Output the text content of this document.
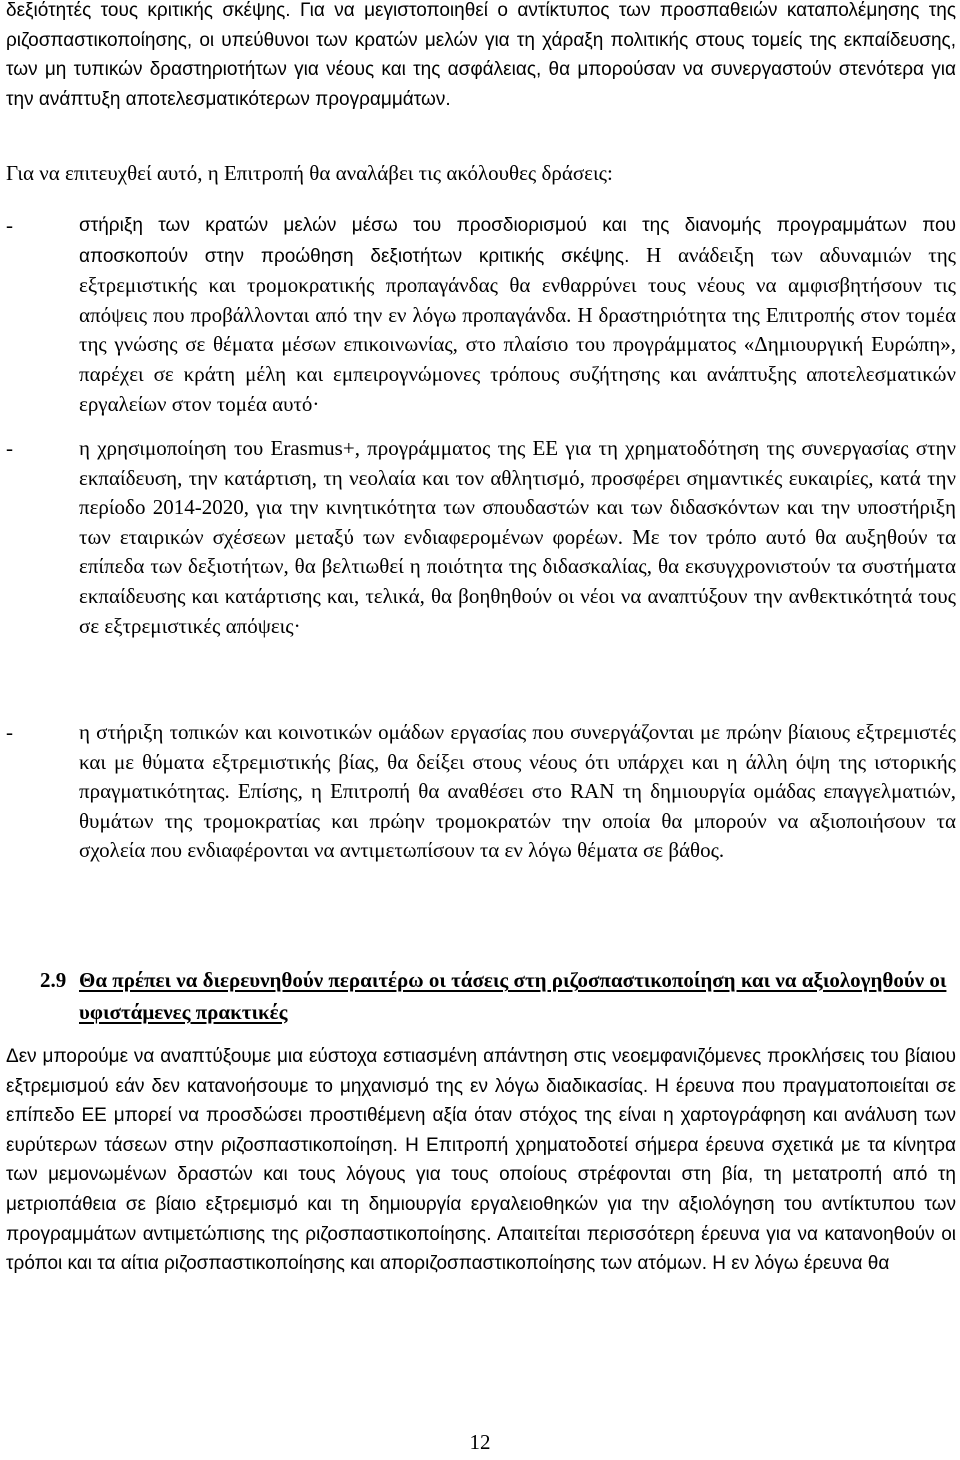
δεξιότητές τους κριτικής σκέψης. Για να μεγιστοποιηθεί ο αντίκτυπος των προσπαθειών καταπολέμησης της ριζοσπαστικοποίησης, οι υπεύθυνοι των κρατών μελών για τη χάραξη πολιτικής στους τομείς της εκπαίδευσης, των μη τυπικών δραστηριοτήτων για νέους και της ασφάλειας, θα μπορούσαν να συνεργαστούν στενότερα για την ανάπτυξη αποτελεσματικότερων προγραμμάτων.

Για να επιτευχθεί αυτό, η Επιτροπή θα αναλάβει τις ακόλουθες δράσεις:

-	στήριξη των κρατών μελών μέσω του προσδιορισμού και της διανομής προγραμμάτων που αποσκοπούν στην προώθηση δεξιοτήτων κριτικής σκέψης. Η ανάδειξη των αδυναμιών της εξτρεμιστικής και τρομοκρατικής προπαγάνδας θα ενθαρρύνει τους νέους να αμφισβητήσουν τις απόψεις που προβάλλονται από την εν λόγω προπαγάνδα. Η δραστηριότητα της Επιτροπής στον τομέα της γνώσης σε θέματα μέσων επικοινωνίας, στο πλαίσιο του προγράμματος «Δημιουργική Ευρώπη», παρέχει σε κράτη μέλη και εμπειρογνώμονες τρόπους συζήτησης και ανάπτυξης αποτελεσματικών εργαλείων στον τομέα αυτό·

-	η χρησιμοποίηση του Erasmus+, προγράμματος της ΕΕ για τη χρηματοδότηση της συνεργασίας στην εκπαίδευση, την κατάρτιση, τη νεολαία και τον αθλητισμό, προσφέρει σημαντικές ευκαιρίες, κατά την περίοδο 2014-2020, για την κινητικότητα των σπουδαστών και των διδασκόντων και την υποστήριξη των εταιρικών σχέσεων μεταξύ των ενδιαφερομένων φορέων. Με τον τρόπο αυτό θα αυξηθούν τα επίπεδα των δεξιοτήτων, θα βελτιωθεί η ποιότητα της διδασκαλίας, θα εκσυγχρονιστούν τα συστήματα εκπαίδευσης και κατάρτισης και, τελικά, θα βοηθηθούν οι νέοι να αναπτύξουν την ανθεκτικότητά τους σε εξτρεμιστικές απόψεις·

-	η στήριξη τοπικών και κοινοτικών ομάδων εργασίας που συνεργάζονται με πρώην βίαιους εξτρεμιστές και με θύματα εξτρεμιστικής βίας, θα δείξει στους νέους ότι υπάρχει και η άλλη όψη της ιστορικής πραγματικότητας. Επίσης, η Επιτροπή θα αναθέσει στο RAN τη δημιουργία ομάδας επαγγελματιών, θυμάτων της τρομοκρατίας και πρώην τρομοκρατών την οποία θα μπορούν να αξιοποιήσουν τα σχολεία που ενδιαφέρονται να αντιμετωπίσουν τα εν λόγω θέματα σε βάθος.

2.9 Θα πρέπει να διερευνηθούν περαιτέρω οι τάσεις στη ριζοσπαστικοποίηση και να αξιολογηθούν οι υφιστάμενες πρακτικές

Δεν μπορούμε να αναπτύξουμε μια εύστοχα εστιασμένη απάντηση στις νεοεμφανιζόμενες προκλήσεις του βίαιου εξτρεμισμού εάν δεν κατανοήσουμε το μηχανισμό της εν λόγω διαδικασίας. Η έρευνα που πραγματοποιείται σε επίπεδο ΕΕ μπορεί να προσδώσει προστιθέμενη αξία όταν στόχος της είναι η χαρτογράφηση και ανάλυση των ευρύτερων τάσεων στην ριζοσπαστικοποίηση. Η Επιτροπή χρηματοδοτεί σήμερα έρευνα σχετικά με τα κίνητρα των μεμονωμένων δραστών και τους λόγους για τους οποίους στρέφονται στη βία, τη μετατροπή από τη μετριοπάθεια σε βίαιο εξτρεμισμό και τη δημιουργία εργαλειοθηκών για την αξιολόγηση του αντίκτυπου των προγραμμάτων αντιμετώπισης της ριζοσπαστικοποίησης. Απαιτείται περισσότερη έρευνα για να κατανοηθούν οι τρόποι και τα αίτια ριζοσπαστικοποίησης και αποριζοσπαστικοποίησης των ατόμων. Η εν λόγω έρευνα θα

12
